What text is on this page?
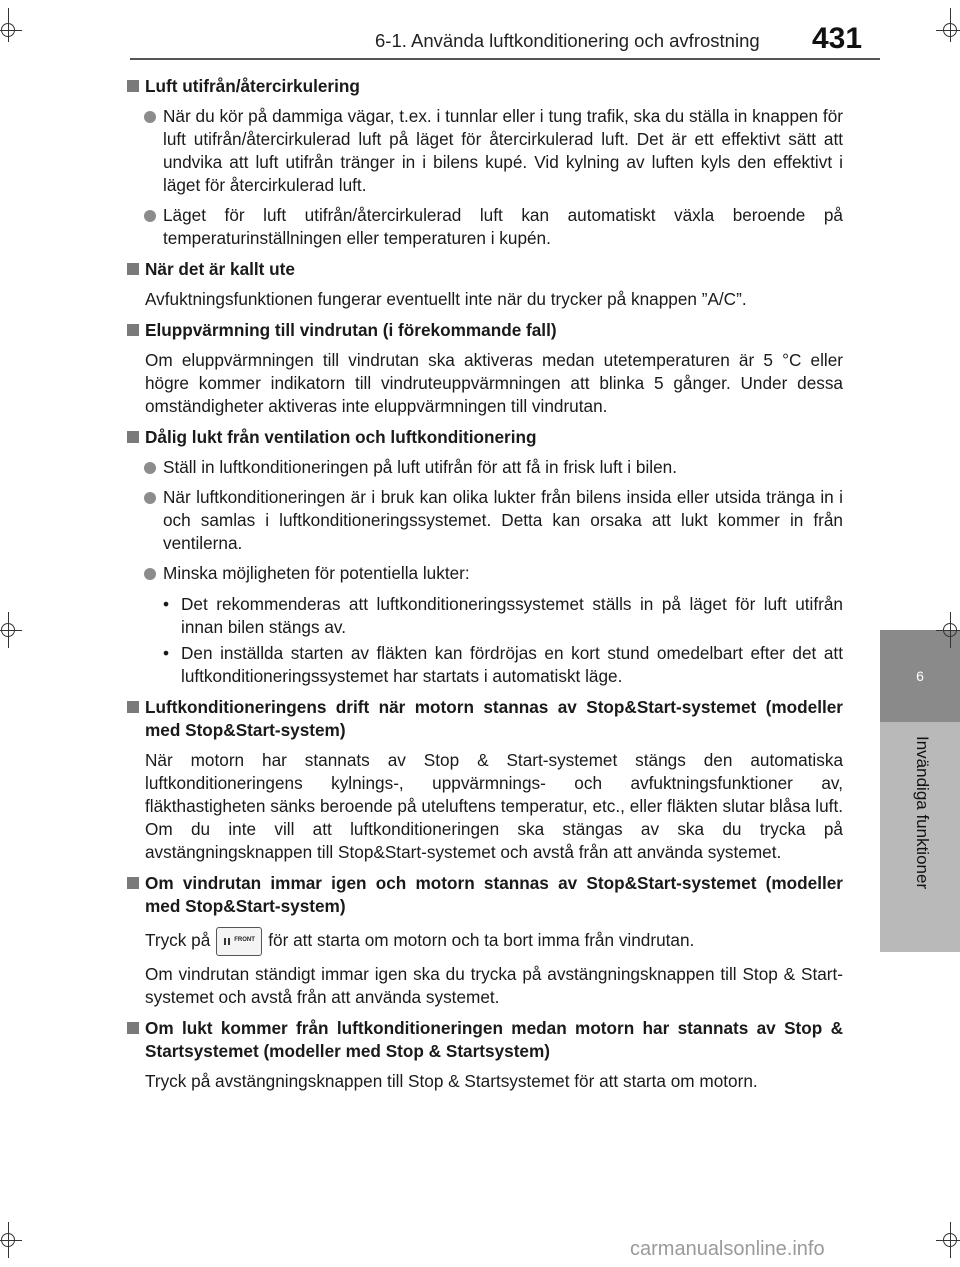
6-1. Använda luftkonditionering och avfrostning 431
6
Invändiga funktioner
Luft utifrån/återcirkulering
När du kör på dammiga vägar, t.ex. i tunnlar eller i tung trafik, ska du ställa in knappen för luft utifrån/återcirkulerad luft på läget för återcirkulerad luft. Det är ett effektivt sätt att undvika att luft utifrån tränger in i bilens kupé. Vid kylning av luften kyls den effektivt i läget för återcirkulerad luft.
Läget för luft utifrån/återcirkulerad luft kan automatiskt växla beroende på temperaturinställningen eller temperaturen i kupén.
När det är kallt ute
Avfuktningsfunktionen fungerar eventuellt inte när du trycker på knappen ”A/C”.
Eluppvärmning till vindrutan (i förekommande fall)
Om eluppvärmningen till vindrutan ska aktiveras medan utetemperaturen är 5 °C eller högre kommer indikatorn till vindruteuppvärmningen att blinka 5 gånger. Under dessa omständigheter aktiveras inte eluppvärmningen till vindrutan.
Dålig lukt från ventilation och luftkonditionering
Ställ in luftkonditioneringen på luft utifrån för att få in frisk luft i bilen.
När luftkonditioneringen är i bruk kan olika lukter från bilens insida eller utsida tränga in i och samlas i luftkonditioneringssystemet. Detta kan orsaka att lukt kommer in från ventilerna.
Minska möjligheten för potentiella lukter:
• Det rekommenderas att luftkonditioneringssystemet ställs in på läget för luft utifrån innan bilen stängs av.
• Den inställda starten av fläkten kan fördröjas en kort stund omedelbart efter det att luftkonditioneringssystemet har startats i automatiskt läge.
Luftkonditioneringens drift när motorn stannas av Stop&Start-systemet (modeller med Stop&Start-system)
När motorn har stannats av Stop & Start-systemet stängs den automatiska luftkonditioneringens kylnings-, uppvärmnings- och avfuktningsfunktioner av, fläkthastigheten sänks beroende på uteluftens temperatur, etc., eller fläkten slutar blåsa luft. Om du inte vill att luftkonditioneringen ska stängas av ska du trycka på avstängningsknappen till Stop&Start-systemet och avstå från att använda systemet.
Om vindrutan immar igen och motorn stannas av Stop&Start-systemet (modeller med Stop&Start-system)
Tryck på	FRONT för att starta om motorn och ta bort imma från vindrutan.
Om vindrutan ständigt immar igen ska du trycka på avstängningsknappen till Stop & Start-systemet och avstå från att använda systemet.
Om lukt kommer från luftkonditioneringen medan motorn har stannats av Stop & Startsystemet (modeller med Stop & Startsystem)
Tryck på avstängningsknappen till Stop & Startsystemet för att starta om motorn.
carmanualsonline.info
